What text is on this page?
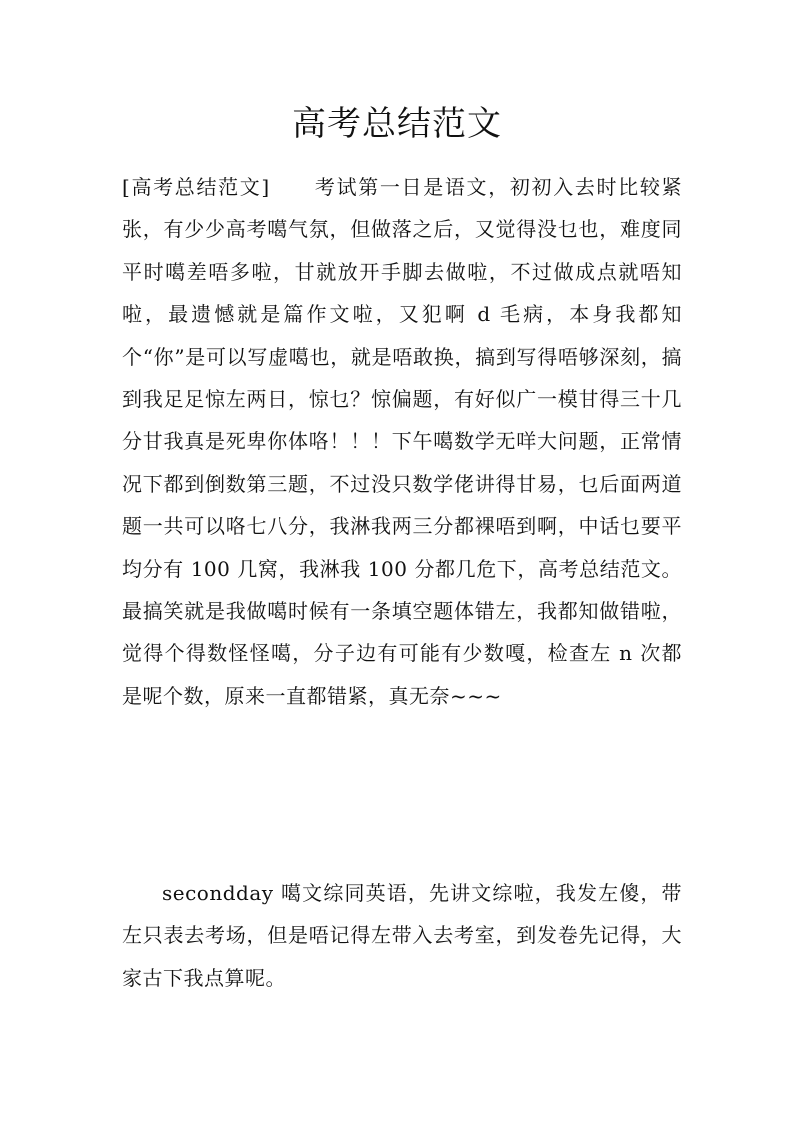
高考总结范文

[高考总结范文] 考试第一日是语文，初初入去时比较紧张，有少少高考噶气氛，但做落之后，又觉得没乜也，难度同平时噶差唔多啦，甘就放开手脚去做啦，不过做成点就唔知啦，最遗憾就是篇作文啦，又犯啊 d 毛病，本身我都知个“你”是可以写虚噶也，就是唔敢换，搞到写得唔够深刻，搞到我足足惊左两日，惊乜？惊偏题，有好似广一模甘得三十几分甘我真是死卑你体咯！！！下午噶数学无咩大问题，正常情况下都到倒数第三题，不过没只数学佬讲得甘易，乜后面两道题一共可以咯七八分，我淋我两三分都裸唔到啊，中话乜要平均分有 100 几窝，我淋我 100 分都几危下，高考总结范文。最搞笑就是我做噶时候有一条填空题体错左，我都知做错啦，觉得个得数怪怪噶，分子边有可能有少数嘎，检查左 n 次都是呢个数，原来一直都错紧，真无奈~~~

secondday 噶文综同英语，先讲文综啦，我发左傻，带左只表去考场，但是唔记得左带入去考室，到发卷先记得，大家古下我点算呢。
